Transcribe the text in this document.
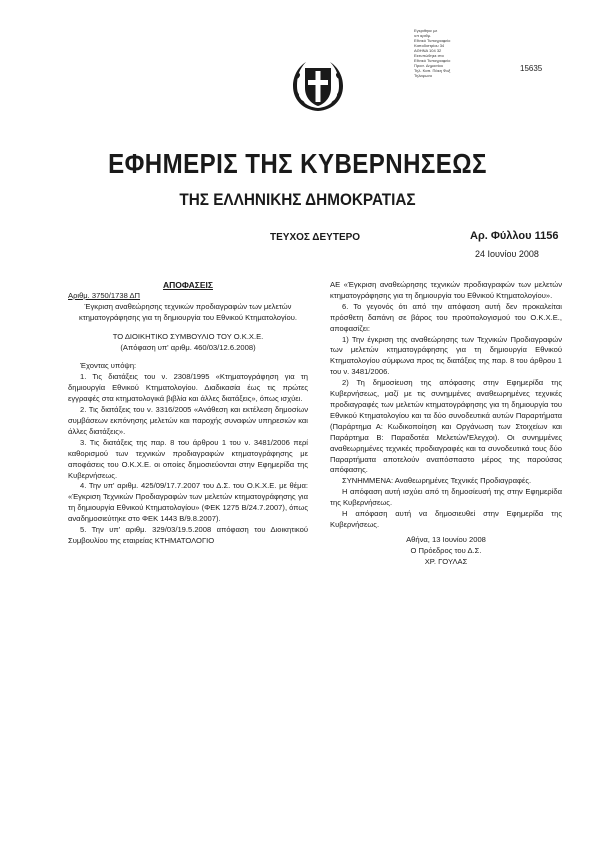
Εγκριθηκε με
υπ αριθμ.
Εθνικό Τυπογραφείο
Καποδιστρίου 34
ΑΘΗΝΑ 104 32
Εκτυπώθηκε στο
Εθνικό Τυπογραφείο
Προσ. Δημοσίου
Τηλ. Καπ. Πάκη Φαξ
Τηλεφωνο
15635
ΕΦΗΜΕΡΙΣ ΤΗΣ ΚΥΒΕΡΝΗΣΕΩΣ
ΤΗΣ ΕΛΛΗΝΙΚΗΣ ΔΗΜΟΚΡΑΤΙΑΣ
ΤΕΥΧΟΣ ΔΕΥΤΕΡΟ	Αρ. Φύλλου 1156
24 Ιουνίου 2008

ΑΠΟΦΑΣΕΙΣ

Αριθμ. 3750/1738 ΔΠ

Έγκριση αναθεώρησης τεχνικών προδιαγραφών των μελετών κτηματογράφησης για τη δημιουργία του Εθνικού Κτηματολογίου.

ΤΟ ΔΙΟΙΚΗΤΙΚΟ ΣΥΜΒΟΥΛΙΟ ΤΟΥ Ο.Κ.Χ.Ε.

(Απόφαση υπ' αριθμ. 460/03/12.6.2008)

Έχοντας υπόψη:

1. Τις διατάξεις του ν. 2308/1995 «Κτηματογράφηση για τη δημιουργία Εθνικού Κτηματολογίου. Διαδικασία έως τις πρώτες εγγραφές στα κτηματολογικά βιβλία και άλλες διατάξεις», όπως ισχύει.

2. Τις διατάξεις του ν. 3316/2005 «Ανάθεση και εκτέλεση δημοσίων συμβάσεων εκπόνησης μελετών και παροχής συναφών υπηρεσιών και άλλες διατάξεις».

3. Τις διατάξεις της παρ. 8 του άρθρου 1 του ν. 3481/2006 περί καθορισμού των τεχνικών προδιαγραφών κτηματογράφησης με αποφάσεις του Ο.Κ.Χ.Ε. οι οποίες δημοσιεύονται στην Εφημερίδα της Κυβερνήσεως.

4. Την υπ' αριθμ. 425/09/17.7.2007 του Δ.Σ. του Ο.Κ.Χ.Ε. με θέμα: «Έγκριση Τεχνικών Προδιαγραφών των μελετών κτηματογράφησης για τη δημιουργία Εθνικού Κτηματολογίου» (ΦΕΚ 1275 Β/24.7.2007), όπως αναδημοσιεύτηκε στο ΦΕΚ 1443 Β/9.8.2007).

5. Την υπ' αριθμ. 329/03/19.5.2008 απόφαση του Διοικητικού Συμβουλίου της εταιρείας ΚΤΗΜΑΤΟΛΟΓΙΟ

ΑΕ «Έγκριση αναθεώρησης τεχνικών προδιαγραφών των μελετών κτηματογράφησης για τη δημιουργία του Εθνικού Κτηματολογίου».

6. Το γεγονός ότι από την απόφαση αυτή δεν προκαλείται πρόσθετη δαπάνη σε βάρος του προϋπολογισμού του Ο.Κ.Χ.Ε., αποφασίζει:

1) Την έγκριση της αναθεώρησης των Τεχνικών Προδιαγραφών των μελετών κτηματογράφησης για τη δημιουργία Εθνικού Κτηματολογίου σύμφωνα προς τις διατάξεις της παρ. 8 του άρθρου 1 του ν. 3481/2006.

2) Τη δημοσίευση της απόφασης στην Εφημερίδα της Κυβερνήσεως, μαζί με τις συνημμένες αναθεωρημένες τεχνικές προδιαγραφές των μελετών κτηματογράφησης για τη δημιουργία του Εθνικού Κτηματολογίου και τα δύο συνοδευτικά αυτών Παραρτήματα (Παράρτημα Α: Κωδικοποίηση και Οργάνωση των Στοιχείων και Παράρτημα Β: Παραδοτέα Μελετών/Έλεγχοι). Οι συνημμένες αναθεωρημένες τεχνικές προδιαγραφές και τα συνοδευτικά τους δύο Παραρτήματα αποτελούν αναπόσπαστο μέρος της παρούσας απόφασης.

ΣΥΝΗΜΜΕΝΑ: Αναθεωρημένες Τεχνικές Προδιαγραφές.

Η απόφαση αυτή ισχύει από τη δημοσίευσή της στην Εφημερίδα της Κυβερνήσεως.

Η απόφαση αυτή να δημοσιευθεί στην Εφημερίδα της Κυβερνήσεως.

Αθήνα, 13 Ιουνίου 2008

Ο Πρόεδρος του Δ.Σ.

ΧΡ. ΓΟΥΛΑΣ
